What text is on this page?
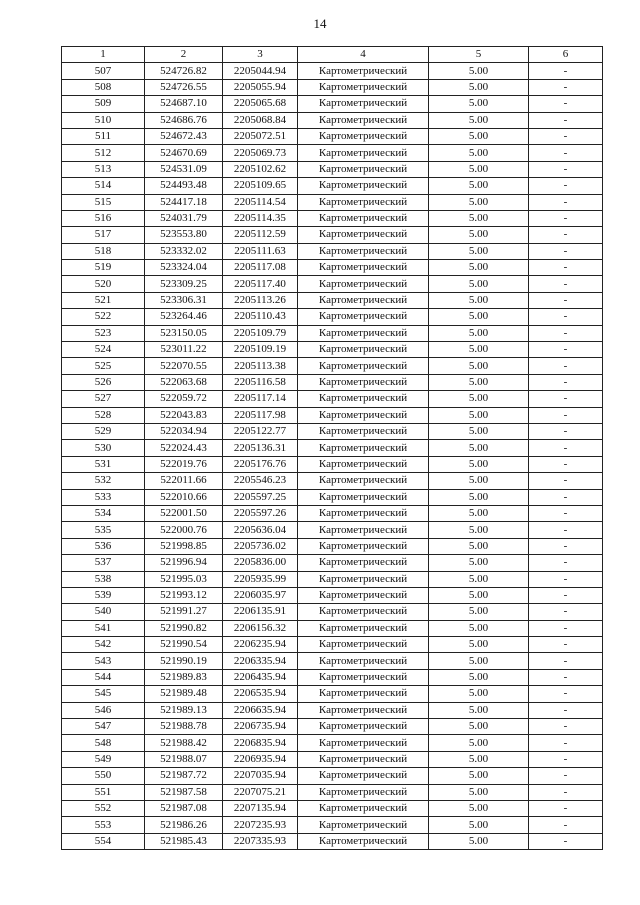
14
1	2	3	4	5	6
507	524726.82	2205044.94	Картометрический	5.00	-
508	524726.55	2205055.94	Картометрический	5.00	-
509	524687.10	2205065.68	Картометрический	5.00	-
510	524686.76	2205068.84	Картометрический	5.00	-
511	524672.43	2205072.51	Картометрический	5.00	-
512	524670.69	2205069.73	Картометрический	5.00	-
513	524531.09	2205102.62	Картометрический	5.00	-
514	524493.48	2205109.65	Картометрический	5.00	-
515	524417.18	2205114.54	Картометрический	5.00	-
516	524031.79	2205114.35	Картометрический	5.00	-
517	523553.80	2205112.59	Картометрический	5.00	-
518	523332.02	2205111.63	Картометрический	5.00	-
519	523324.04	2205117.08	Картометрический	5.00	-
520	523309.25	2205117.40	Картометрический	5.00	-
521	523306.31	2205113.26	Картометрический	5.00	-
522	523264.46	2205110.43	Картометрический	5.00	-
523	523150.05	2205109.79	Картометрический	5.00	-
524	523011.22	2205109.19	Картометрический	5.00	-
525	522070.55	2205113.38	Картометрический	5.00	-
526	522063.68	2205116.58	Картометрический	5.00	-
527	522059.72	2205117.14	Картометрический	5.00	-
528	522043.83	2205117.98	Картометрический	5.00	-
529	522034.94	2205122.77	Картометрический	5.00	-
530	522024.43	2205136.31	Картометрический	5.00	-
531	522019.76	2205176.76	Картометрический	5.00	-
532	522011.66	2205546.23	Картометрический	5.00	-
533	522010.66	2205597.25	Картометрический	5.00	-
534	522001.50	2205597.26	Картометрический	5.00	-
535	522000.76	2205636.04	Картометрический	5.00	-
536	521998.85	2205736.02	Картометрический	5.00	-
537	521996.94	2205836.00	Картометрический	5.00	-
538	521995.03	2205935.99	Картометрический	5.00	-
539	521993.12	2206035.97	Картометрический	5.00	-
540	521991.27	2206135.91	Картометрический	5.00	-
541	521990.82	2206156.32	Картометрический	5.00	-
542	521990.54	2206235.94	Картометрический	5.00	-
543	521990.19	2206335.94	Картометрический	5.00	-
544	521989.83	2206435.94	Картометрический	5.00	-
545	521989.48	2206535.94	Картометрический	5.00	-
546	521989.13	2206635.94	Картометрический	5.00	-
547	521988.78	2206735.94	Картометрический	5.00	-
548	521988.42	2206835.94	Картометрический	5.00	-
549	521988.07	2206935.94	Картометрический	5.00	-
550	521987.72	2207035.94	Картометрический	5.00	-
551	521987.58	2207075.21	Картометрический	5.00	-
552	521987.08	2207135.94	Картометрический	5.00	-
553	521986.26	2207235.93	Картометрический	5.00	-
554	521985.43	2207335.93	Картометрический	5.00	-
